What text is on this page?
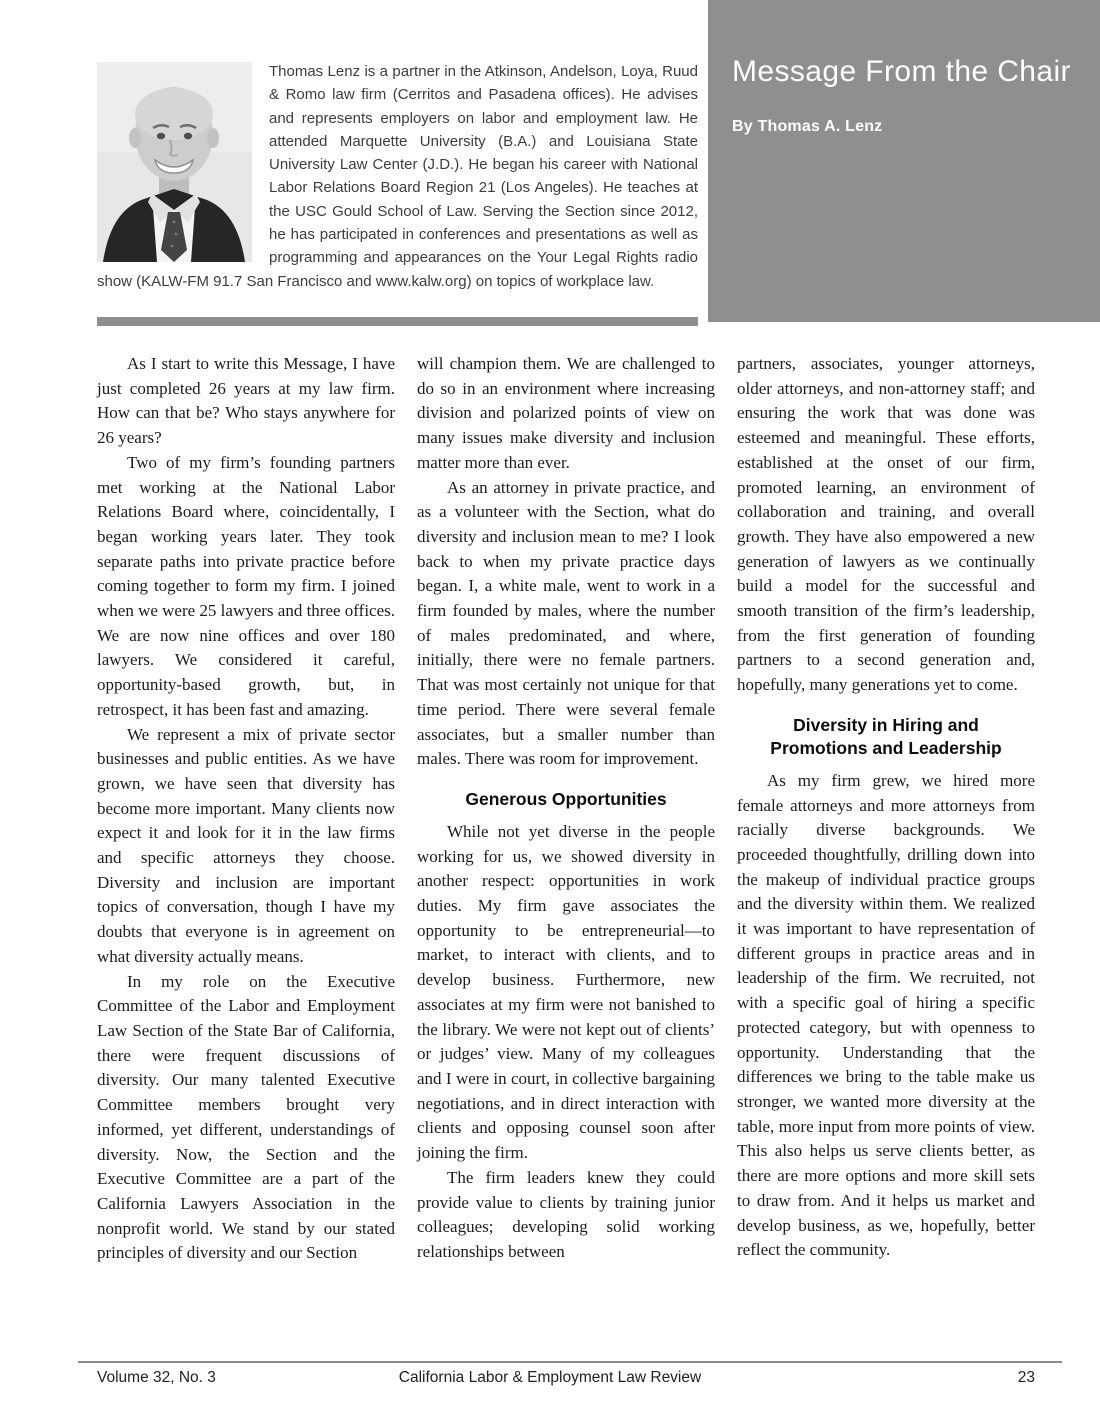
Message From the Chair

By Thomas A. Lenz

Thomas Lenz is a partner in the Atkinson, Andelson, Loya, Ruud & Romo law firm (Cerritos and Pasadena offices). He advises and represents employers on labor and employment law. He attended Marquette University (B.A.) and Louisiana State University Law Center (J.D.). He began his career with National Labor Relations Board Region 21 (Los Angeles). He teaches at the USC Gould School of Law. Serving the Section since 2012, he has participated in conferences and presentations as well as programming and appearances on the Your Legal Rights radio show (KALW-FM 91.7 San Francisco and www.kalw.org) on topics of workplace law.

As I start to write this Message, I have just completed 26 years at my law firm. How can that be? Who stays anywhere for 26 years?

Two of my firm’s founding partners met working at the National Labor Relations Board where, coincidentally, I began working years later. They took separate paths into private practice before coming together to form my firm. I joined when we were 25 lawyers and three offices. We are now nine offices and over 180 lawyers. We considered it careful, opportunity-based growth, but, in retrospect, it has been fast and amazing.

We represent a mix of private sector businesses and public entities. As we have grown, we have seen that diversity has become more important. Many clients now expect it and look for it in the law firms and specific attorneys they choose. Diversity and inclusion are important topics of conversation, though I have my doubts that everyone is in agreement on what diversity actually means.

In my role on the Executive Committee of the Labor and Employment Law Section of the State Bar of California, there were frequent discussions of diversity. Our many talented Executive Committee members brought very informed, yet different, understandings of diversity. Now, the Section and the Executive Committee are a part of the California Lawyers Association in the nonprofit world. We stand by our stated principles of diversity and our Section

will champion them. We are challenged to do so in an environment where increasing division and polarized points of view on many issues make diversity and inclusion matter more than ever.

As an attorney in private practice, and as a volunteer with the Section, what do diversity and inclusion mean to me? I look back to when my private practice days began. I, a white male, went to work in a firm founded by males, where the number of males predominated, and where, initially, there were no female partners. That was most certainly not unique for that time period. There were several female associates, but a smaller number than males. There was room for improvement.

Generous Opportunities

While not yet diverse in the people working for us, we showed diversity in another respect: opportunities in work duties. My firm gave associates the opportunity to be entrepreneurial—to market, to interact with clients, and to develop business. Furthermore, new associates at my firm were not banished to the library. We were not kept out of clients’ or judges’ view. Many of my colleagues and I were in court, in collective bargaining negotiations, and in direct interaction with clients and opposing counsel soon after joining the firm.

The firm leaders knew they could provide value to clients by training junior colleagues; developing solid working relationships between

partners, associates, younger attorneys, older attorneys, and non-attorney staff; and ensuring the work that was done was esteemed and meaningful. These efforts, established at the onset of our firm, promoted learning, an environment of collaboration and training, and overall growth. They have also empowered a new generation of lawyers as we continually build a model for the successful and smooth transition of the firm’s leadership, from the first generation of founding partners to a second generation and, hopefully, many generations yet to come.

Diversity in Hiring and Promotions and Leadership

As my firm grew, we hired more female attorneys and more attorneys from racially diverse backgrounds. We proceeded thoughtfully, drilling down into the makeup of individual practice groups and the diversity within them. We realized it was important to have representation of different groups in practice areas and in leadership of the firm. We recruited, not with a specific goal of hiring a specific protected category, but with openness to opportunity. Understanding that the differences we bring to the table make us stronger, we wanted more diversity at the table, more input from more points of view. This also helps us serve clients better, as there are more options and more skill sets to draw from. And it helps us market and develop business, as we, hopefully, better reflect the community.

Volume 32, No. 3	California Labor & Employment Law Review	23
